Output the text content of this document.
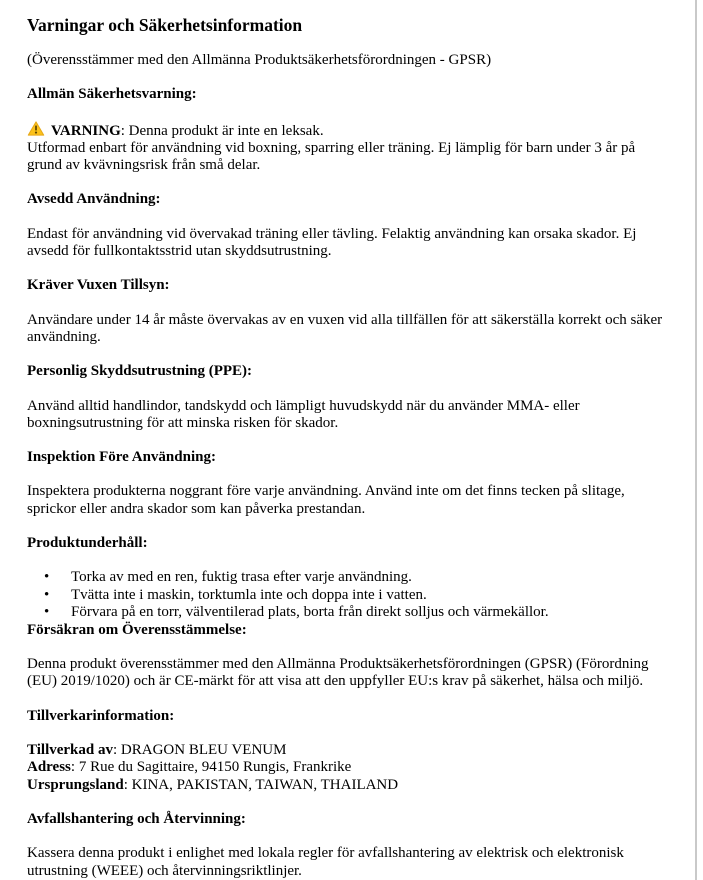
Varningar och Säkerhetsinformation

(Överensstämmer med den Allmänna Produktsäkerhetsförordningen - GPSR)

Allmän Säkerhetsvarning:

VARNING: Denna produkt är inte en leksak.

Utformad enbart för användning vid boxning, sparring eller träning. Ej lämplig för barn under 3 år på grund av kvävningsrisk från små delar.

Avsedd Användning:

Endast för användning vid övervakad träning eller tävling. Felaktig användning kan orsaka skador. Ej avsedd för fullkontaktsstrid utan skyddsutrustning.

Kräver Vuxen Tillsyn:

Användare under 14 år måste övervakas av en vuxen vid alla tillfällen för att säkerställa korrekt och säker användning.

Personlig Skyddsutrustning (PPE):

Använd alltid handlindor, tandskydd och lämpligt huvudskydd när du använder MMA- eller boxningsutrustning för att minska risken för skador.

Inspektion Före Användning:

Inspektera produkterna noggrant före varje användning. Använd inte om det finns tecken på slitage, sprickor eller andra skador som kan påverka prestandan.

Produktunderhåll:

•	Torka av med en ren, fuktig trasa efter varje användning.
•	Tvätta inte i maskin, torktumla inte och doppa inte i vatten.
•	Förvara på en torr, välventilerad plats, borta från direkt solljus och värmekällor.

Försäkran om Överensstämmelse:

Denna produkt överensstämmer med den Allmänna Produktsäkerhetsförordningen (GPSR) (Förordning (EU) 2019/1020) och är CE-märkt för att visa att den uppfyller EU:s krav på säkerhet, hälsa och miljö.

Tillverkarinformation:

Tillverkad av: DRAGON BLEU VENUM
Adress: 7 Rue du Sagittaire, 94150 Rungis, Frankrike
Ursprungsland: KINA, PAKISTAN, TAIWAN, THAILAND

Avfallshantering och Återvinning:

Kassera denna produkt i enlighet med lokala regler för avfallshantering av elektrisk och elektronisk utrustning (WEEE) och återvinningsriktlinjer.
